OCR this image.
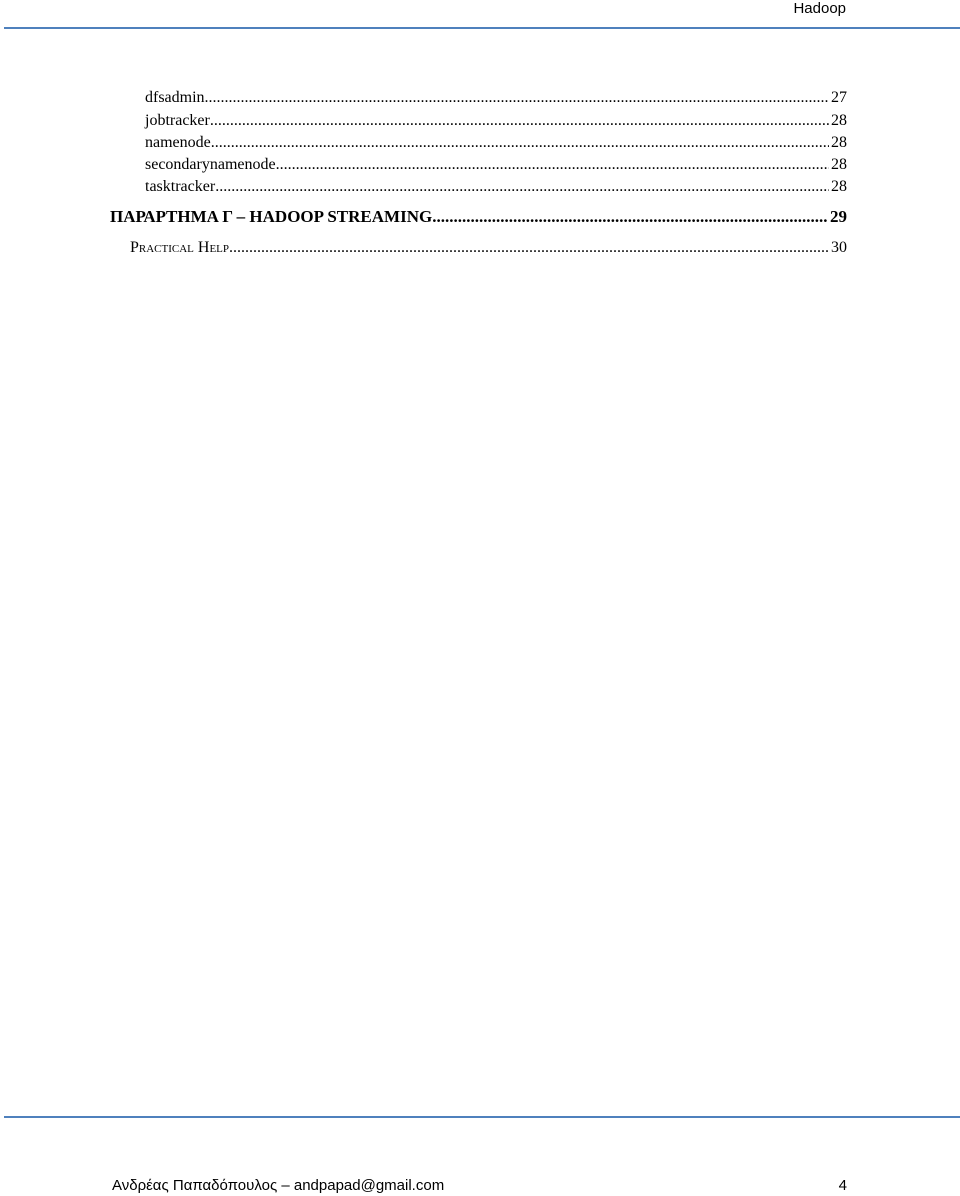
Hadoop
dfsadmin .....	27
jobtracker .....	28
namenode .....	28
secondarynamenode .....	28
tasktracker .....	28
ΠΑΡΑΡΤΗΜΑ Γ – HADOOP STREAMING .....	29
Practical Help .....	30
Ανδρέας Παπαδόπουλος – andpapad@gmail.com	4
